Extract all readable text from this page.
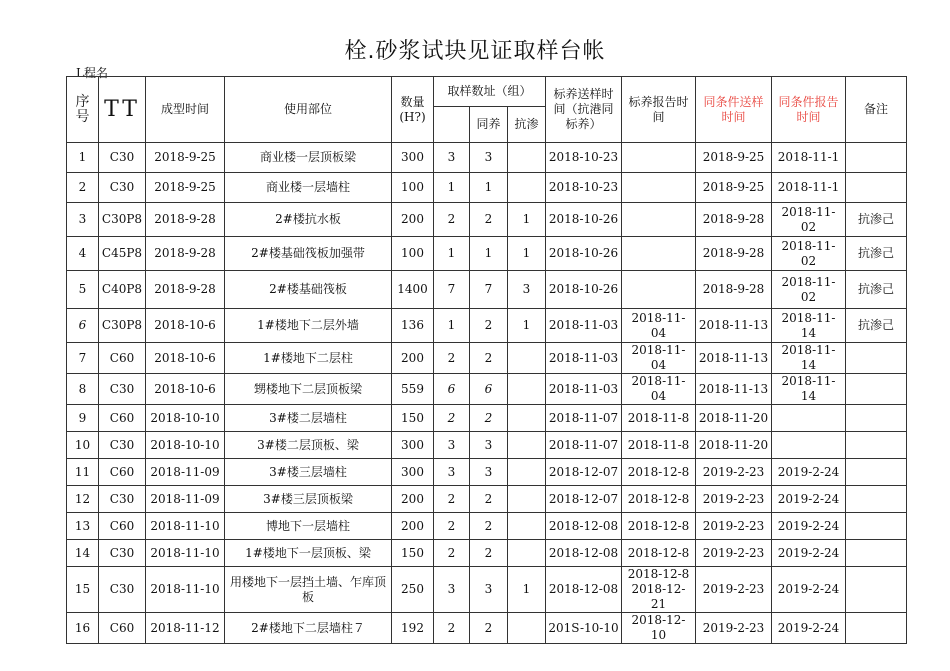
栓.砂浆试块见证取样台帐
L程名
序号	TT	成型时间	使用部位	数量(H?)	取样数址（组）			标养送样时间（抗港同标养）	标养报告时间	同条件送样时间	同条件报告时间	备注
						同养	抗渗					
1	C30	2018-9-25	商业楼一层顶板梁	300	3	3		2018-10-23		2018-9-25	2018-11-1	
2	C30	2018-9-25	商业楼一层墙柱	100	1	1		2018-10-23		2018-9-25	2018-11-1	
3	C30P8	2018-9-28	2#楼抗水板	200	2	2	1	2018-10-26		2018-9-28	2018-11-02	抗渗己
4	C45P8	2018-9-28	2#楼基础筏板加强带	100	1	1	1	2018-10-26		2018-9-28	2018-11-02	抗渗己
5	C40P8	2018-9-28	2#楼基础筏板	1400	7	7	3	2018-10-26		2018-9-28	2018-11-02	抗渗己
6	C30P8	2018-10-6	1#楼地下二层外墙	136	1	2	1	2018-11-03	2018-11-04	2018-11-13	2018-11-14	抗渗己
7	C60	2018-10-6	1#楼地下二层柱	200	2	2		2018-11-03	2018-11-04	2018-11-13	2018-11-14	
8	C30	2018-10-6	甥楼地下二层顶板梁	559	6	6		2018-11-03	2018-11-04	2018-11-13	2018-11-14	
9	C60	2018-10-10	3#楼二层墙柱	150	2	2		2018-11-07	2018-11-8	2018-11-20		
10	C30	2018-10-10	3#楼二层顶板、梁	300	3	3		2018-11-07	2018-11-8	2018-11-20		
11	C60	2018-11-09	3#楼三层墙柱	300	3	3		2018-12-07	2018-12-8	2019-2-23	2019-2-24	
12	C30	2018-11-09	3#楼三层顶板梁	200	2	2		2018-12-07	2018-12-8	2019-2-23	2019-2-24	
13	C60	2018-11-10	博地下一层墙柱	200	2	2		2018-12-08	2018-12-8	2019-2-23	2019-2-24	
14	C30	2018-11-10	1#楼地下一层顶板、梁	150	2	2		2018-12-08	2018-12-8	2019-2-23	2019-2-24	
15	C30	2018-11-10	用楼地下一层挡土墙、乍库顶板	250	3	3	1	2018-12-08	2018-12-8 2018-12-21	2019-2-23	2019-2-24	
16	C60	2018-11-12	2#楼地下二层墙柱７	192	2	2		201S-10-10	2018-12-10	2019-2-23	2019-2-24	
